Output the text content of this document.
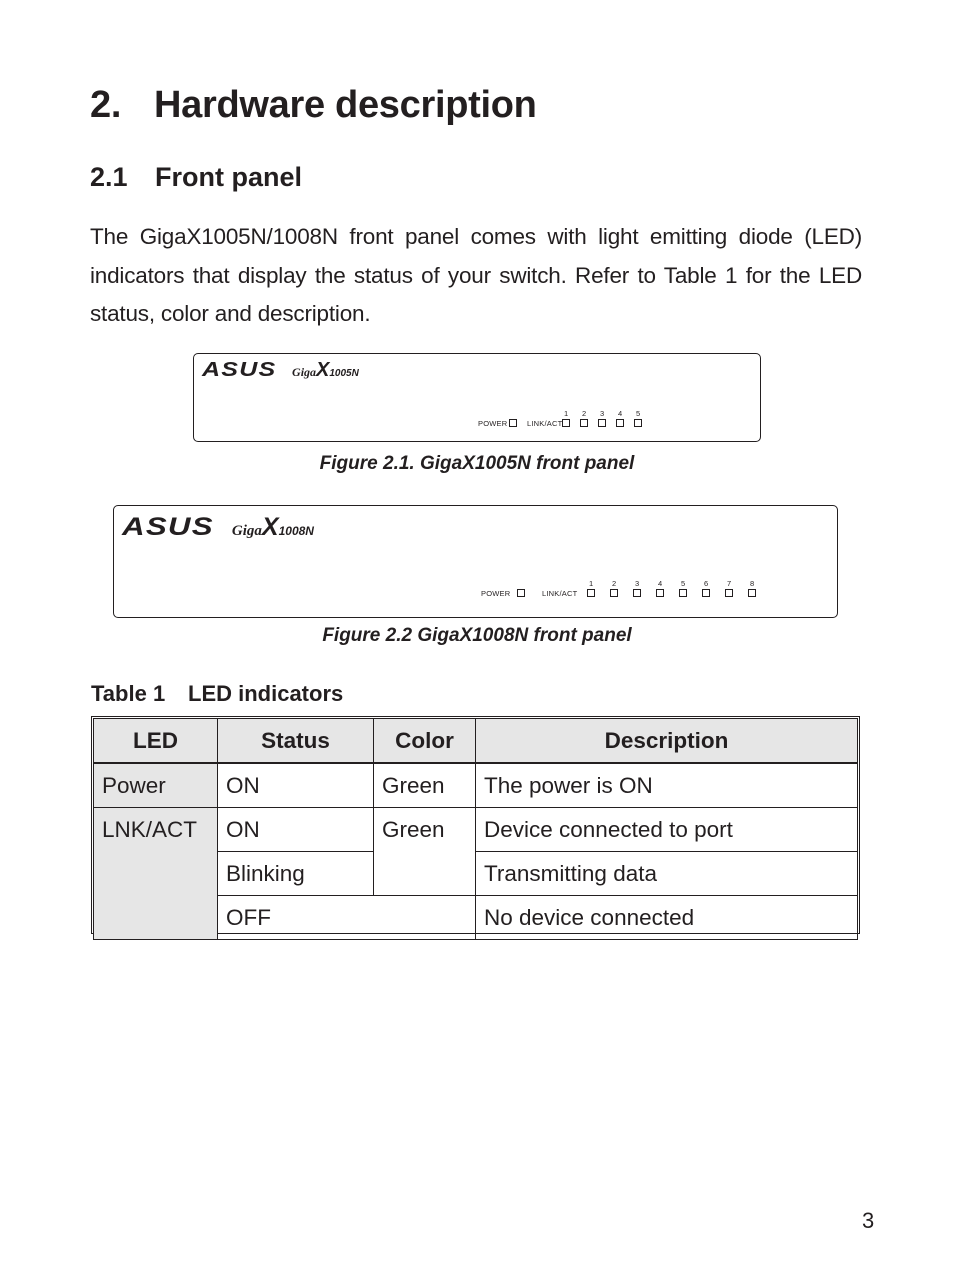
2. Hardware description
2.1 Front panel

The GigaX1005N/1008N front panel comes with light emitting diode (LED) indicators that display the status of your switch. Refer to Table 1 for the LED status, color and description.

ASUS GigaX1005N
POWER	LINK/ACT
1 2 3 4 5

Figure 2.1. GigaX1005N front panel

ASUS GigaX1008N
POWER	LINK/ACT
1 2 3 4 5 6 7 8

Figure 2.2 GigaX1008N front panel

Table 1 LED indicators

LED	Status	Color	Description
Power	ON	Green	The power is ON
LNK/ACT	ON	Green	Device connected to port
	Blinking		Transmitting data
	OFF		No device connected
3
